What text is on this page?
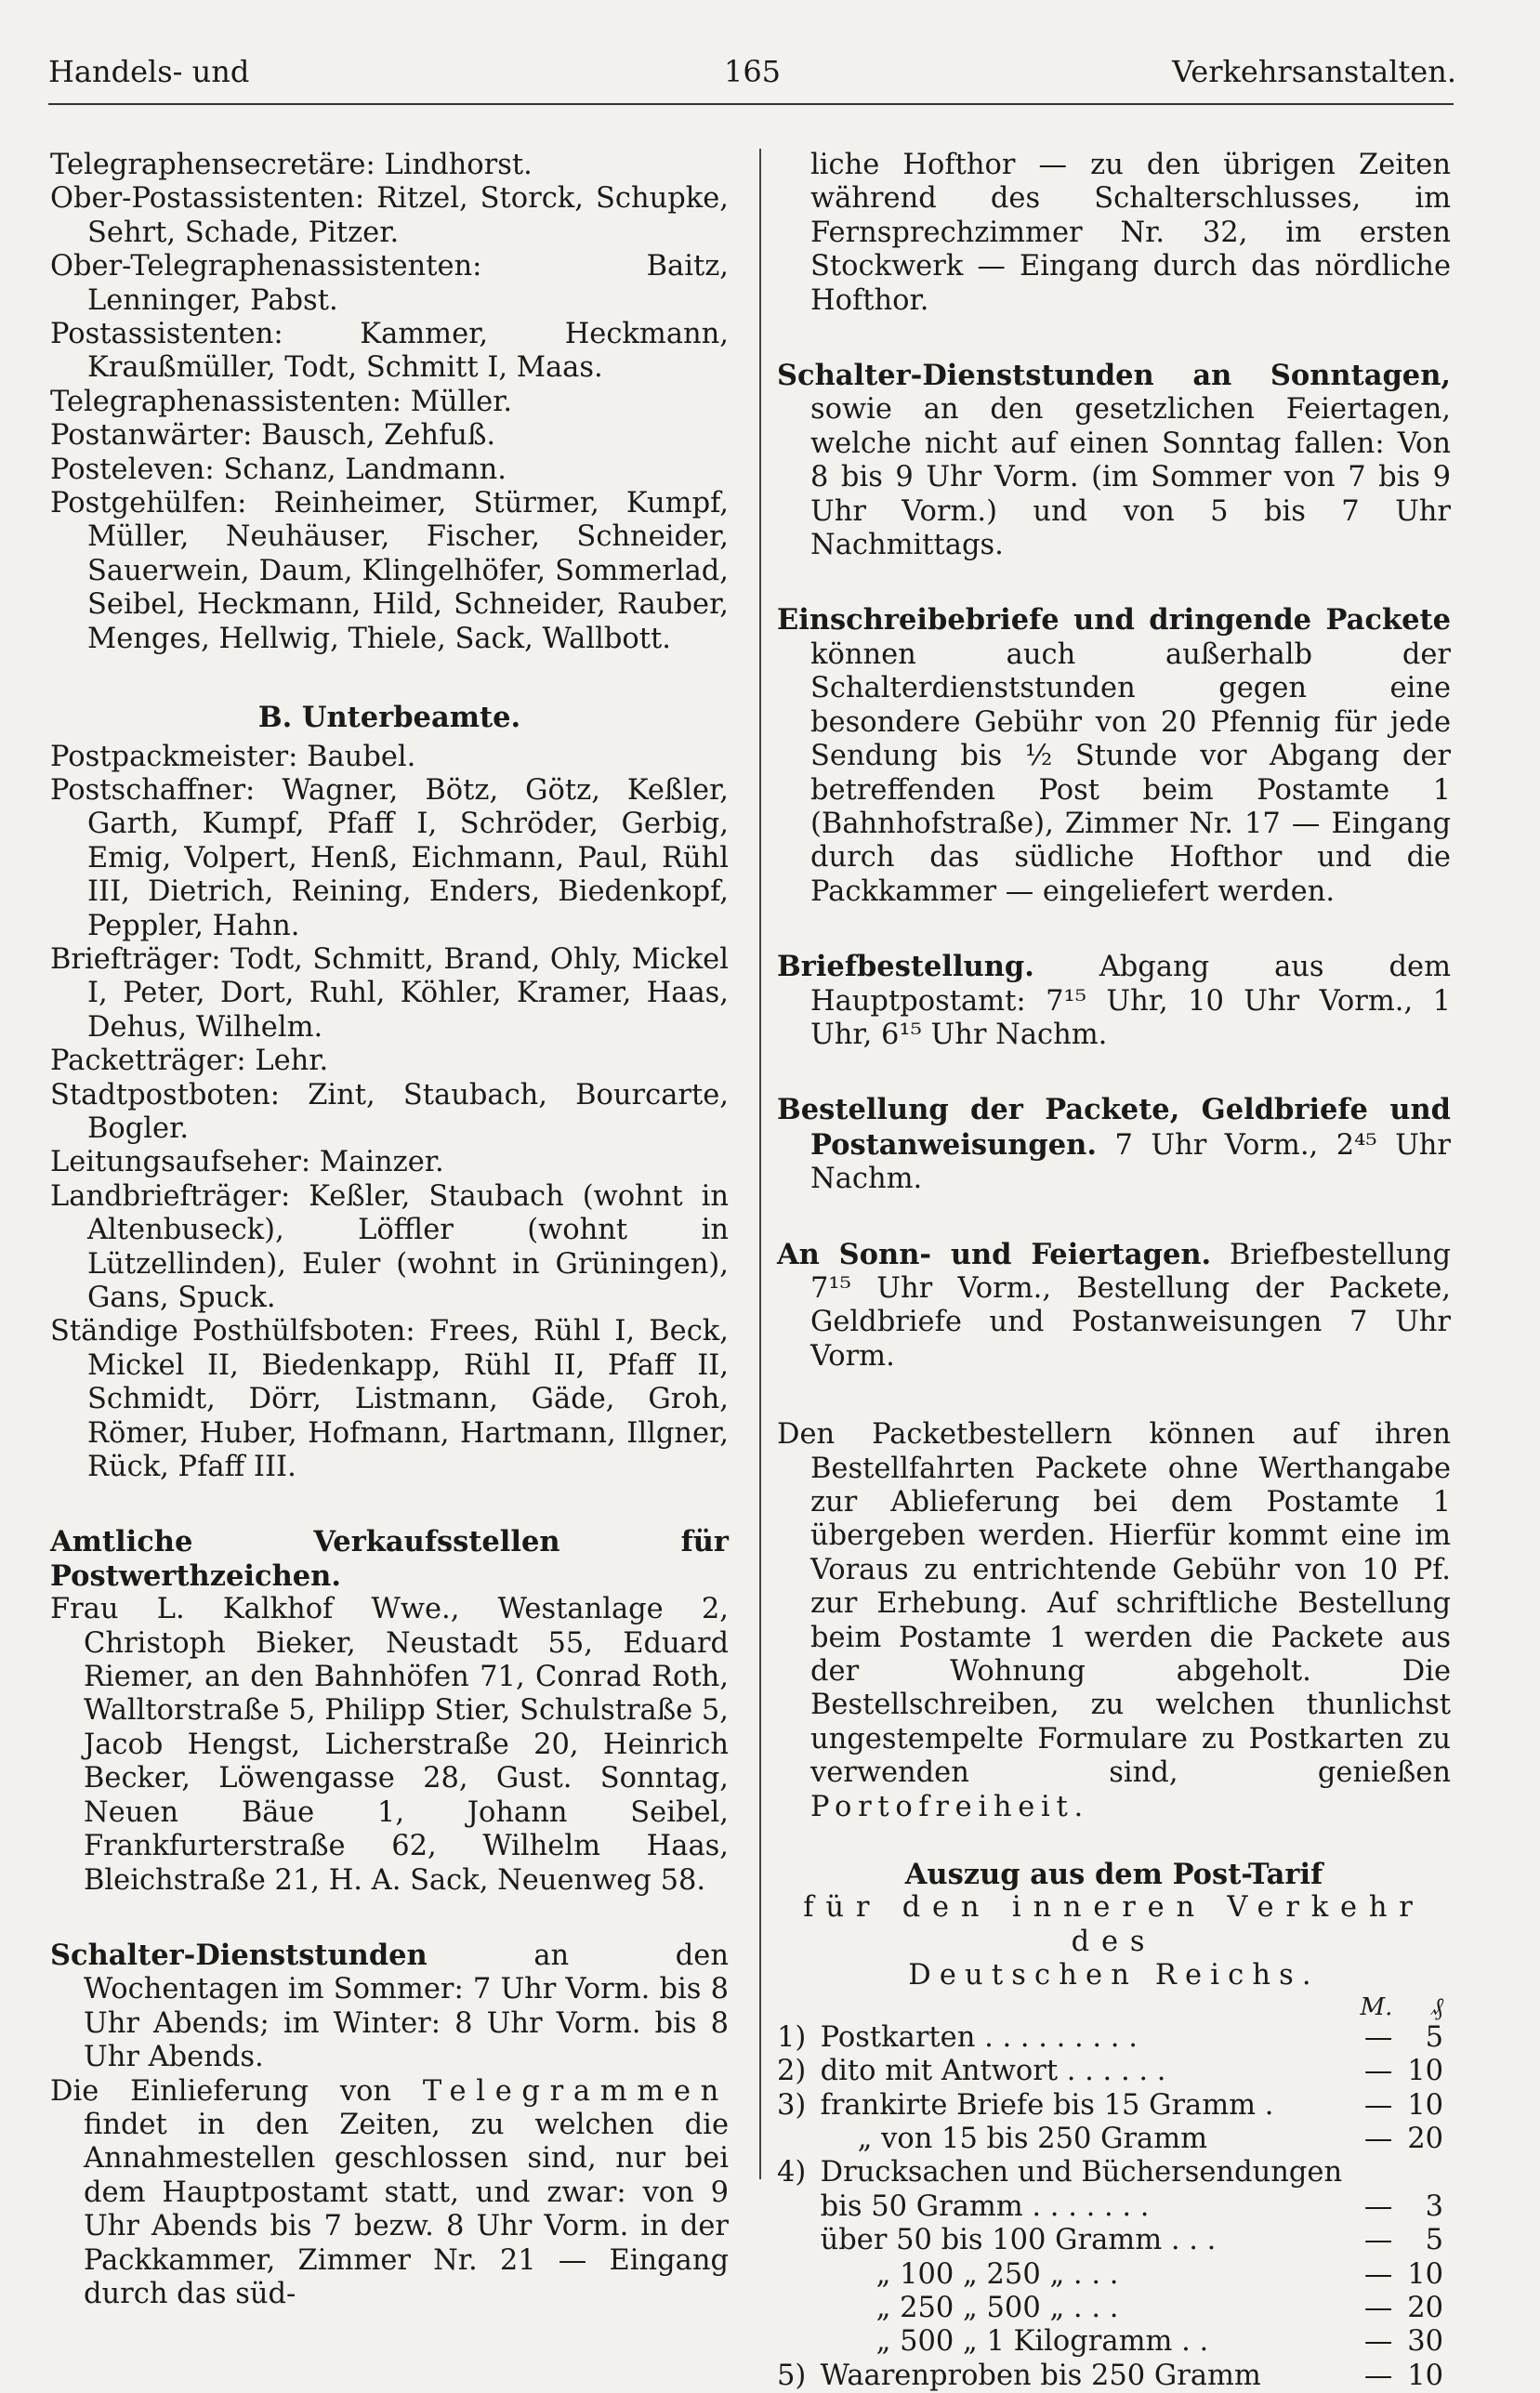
Handels- und	165	Verkehrsanstalten.

Telegraphensecretäre: Lindhorst.

Ober-Postassistenten: Ritzel, Storck, Schupke, Sehrt, Schade, Pitzer.

Ober-Telegraphenassistenten:	Baitz, Lenninger, Pabst.

Postassistenten:	Kammer, Heckmann, Kraußmüller, Todt, Schmitt I, Maas.

Telegraphenassistenten: Müller.

Postanwärter: Bausch, Zehfuß.

Posteleven: Schanz, Landmann.

Postgehülfen: Reinheimer, Stürmer, Kumpf, Müller, Neuhäuser, Fischer, Schneider, Sauerwein, Daum, Klingelhöfer, Sommerlad, Seibel, Heckmann, Hild, Schneider, Rauber, Menges, Hellwig, Thiele, Sack, Wallbott.

B. Unterbeamte.

Postpackmeister: Baubel.

Postschaffner: Wagner, Bötz, Götz, Keßler, Garth, Kumpf, Pfaff I, Schröder, Gerbig, Emig, Volpert, Henß, Eichmann, Paul, Rühl III, Dietrich, Reining, Enders, Biedenkopf, Peppler, Hahn.

Briefträger: Todt, Schmitt, Brand, Ohly, Mickel I, Peter, Dort, Ruhl, Köhler, Kramer, Haas, Dehus, Wilhelm.

Packetträger: Lehr.

Stadtpostboten: Zint, Staubach, Bourcarte, Bogler.

Leitungsaufseher: Mainzer.

Landbriefträger: Keßler, Staubach (wohnt in Altenbuseck), Löffler (wohnt in Lützellinden), Euler (wohnt in Grüningen), Gans, Spuck.

Ständige Posthülfsboten: Frees, Rühl I, Beck, Mickel II, Biedenkapp, Rühl II, Pfaff II, Schmidt, Dörr, Listmann, Gäde, Groh, Römer, Huber, Hofmann, Hartmann, Illgner, Rück, Pfaff III.

Amtliche Verkaufsstellen für Postwerthzeichen.

Frau L. Kalkhof Wwe., Westanlage 2, Christoph Bieker, Neustadt 55, Eduard Riemer, an den Bahnhöfen 71, Conrad Roth, Walltorstraße 5, Philipp Stier, Schulstraße 5, Jacob Hengst, Licherstraße 20, Heinrich Becker, Löwengasse 28, Gust. Sonntag, Neuen Bäue 1, Johann Seibel, Frankfurterstraße 62, Wilhelm Haas, Bleichstraße 21, H. A. Sack, Neuenweg 58.

Schalter-Dienststunden	an den Wochentagen im Sommer: 7 Uhr Vorm. bis 8 Uhr Abends; im Winter: 8 Uhr Vorm. bis 8 Uhr Abends.

Die Einlieferung von Telegrammen findet in den Zeiten, zu welchen die Annahmestellen geschlossen sind, nur bei dem Hauptpostamt statt, und zwar: von 9 Uhr Abends bis 7 bezw. 8 Uhr Vorm. in der Packkammer, Zimmer Nr. 21 — Eingang durch das süd-

liche Hofthor — zu den übrigen Zeiten während des Schalterschlusses, im Fernsprechzimmer Nr. 32, im ersten Stockwerk — Eingang durch das nördliche Hofthor.

Schalter-Dienststunden an Sonntagen, sowie an den gesetzlichen Feiertagen, welche nicht auf einen Sonntag fallen: Von 8 bis 9 Uhr Vorm. (im Sommer von 7 bis 9 Uhr Vorm.) und von 5 bis 7 Uhr Nachmittags.

Einschreibebriefe und dringende Packete können auch außerhalb der Schalterdienststunden gegen eine besondere Gebühr von 20 Pfennig für jede Sendung bis ½ Stunde vor Abgang der betreffenden Post beim Postamte 1 (Bahnhofstraße), Zimmer Nr. 17 — Eingang durch das südliche Hofthor und die Packkammer — eingeliefert werden.

Briefbestellung. Abgang aus dem Hauptpostamt: 7¹⁵ Uhr, 10 Uhr Vorm., 1 Uhr, 6¹⁵ Uhr Nachm.

Bestellung der Packete, Geldbriefe und Postanweisungen. 7 Uhr Vorm., 2⁴⁵ Uhr Nachm.

An Sonn- und Feiertagen. Briefbestellung 7¹⁵ Uhr Vorm., Bestellung der Packete, Geldbriefe und Postanweisungen 7 Uhr Vorm.

Den Packetbestellern können auf ihren Bestellfahrten Packete ohne Werthangabe zur Ablieferung bei dem Postamte 1 übergeben werden. Hierfür kommt eine im Voraus zu entrichtende Gebühr von 10 Pf. zur Erhebung. Auf schriftliche Bestellung beim Postamte 1 werden die Packete aus der Wohnung abgeholt. Die Bestellschreiben, zu welchen thunlichst ungestempelte Formulare zu Postkarten zu verwenden sind, genießen Portofreiheit.

Auszug aus dem Post-Tarif

für den inneren Verkehr des

Deutschen Reichs.

		M.	₰
1)	Postkarten . . . . . . . . .	—	5
2)	dito mit Antwort . . . . . .	—	10
3)	frankirte Briefe bis 15 Gramm .	—	10
	„ von 15 bis 250 Gramm	—	20
4)	Drucksachen und Büchersendungen		
	bis 50 Gramm . . . . . . .	—	3
	über 50 bis 100 Gramm . . .	—	5
	„ 100 „ 250 „ . . .	—	10
	„ 250 „ 500 „ . . .	—	20
	„ 500 „ 1 Kilogramm . .	—	30
5)	Waarenproben bis 250 Gramm	—	10
